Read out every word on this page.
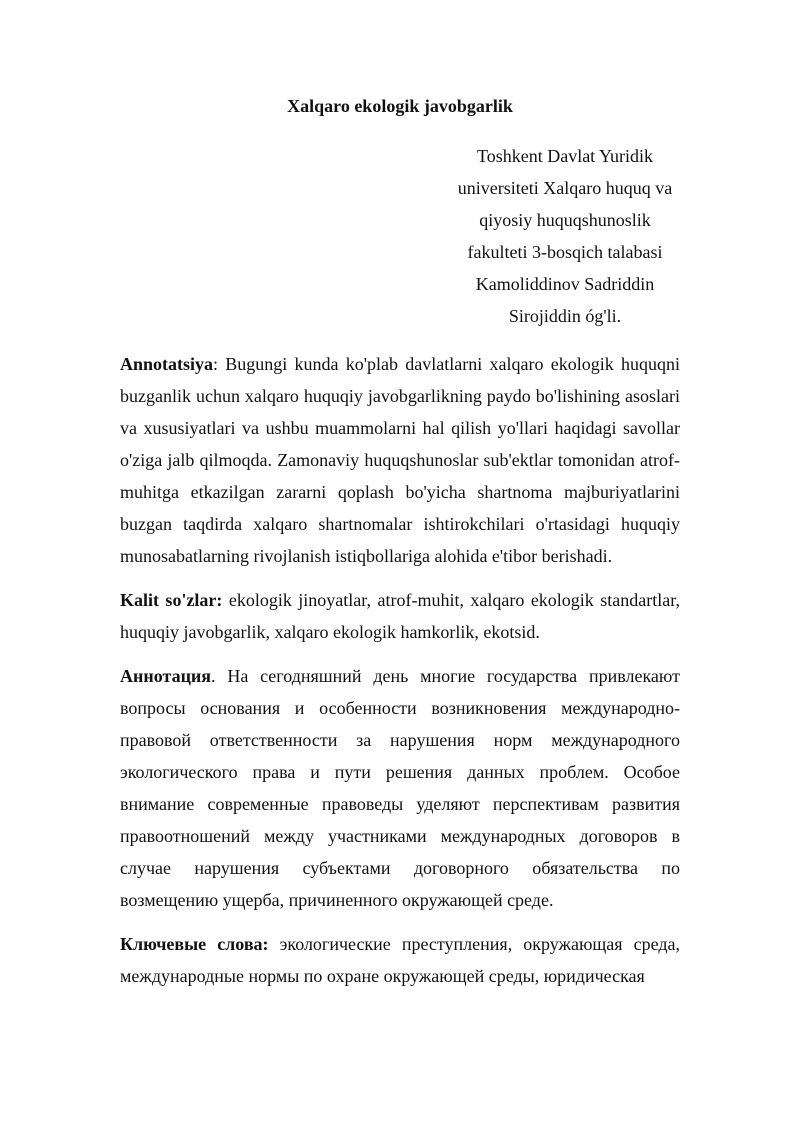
Xalqaro ekologik javobgarlik
Toshkent Davlat Yuridik
universiteti Xalqaro huquq va
qiyosiy huquqshunoslik
fakulteti 3-bosqich talabasi
Kamoliddinov Sadriddin
Sirojiddin óg'li.

Annotatsiya: Bugungi kunda ko'plab davlatlarni xalqaro ekologik huquqni buzganlik uchun xalqaro huquqiy javobgarlikning paydo bo'lishining asoslari va xususiyatlari va ushbu muammolarni hal qilish yo'llari haqidagi savollar o'ziga jalb qilmoqda. Zamonaviy huquqshunoslar sub'ektlar tomonidan atrof-muhitga etkazilgan zararni qoplash bo'yicha shartnoma majburiyatlarini buzgan taqdirda xalqaro shartnomalar ishtirokchilari o'rtasidagi huquqiy munosabatlarning rivojlanish istiqbollariga alohida e'tibor berishadi.

Kalit so'zlar: ekologik jinoyatlar, atrof-muhit, xalqaro ekologik standartlar, huquqiy javobgarlik, xalqaro ekologik hamkorlik, ekotsid.

Аннотация. На сегодняшний день многие государства привлекают вопросы основания и особенности возникновения международно-правовой ответственности за нарушения норм международного экологического права и пути решения данных проблем. Особое внимание современные правоведы уделяют перспективам развития правоотношений между участниками международных договоров в случае нарушения субъектами договорного обязательства по возмещению ущерба, причиненного окружающей среде.

Ключевые слова: экологические преступления, окружающая среда, международные нормы по охране окружающей среды, юридическая
